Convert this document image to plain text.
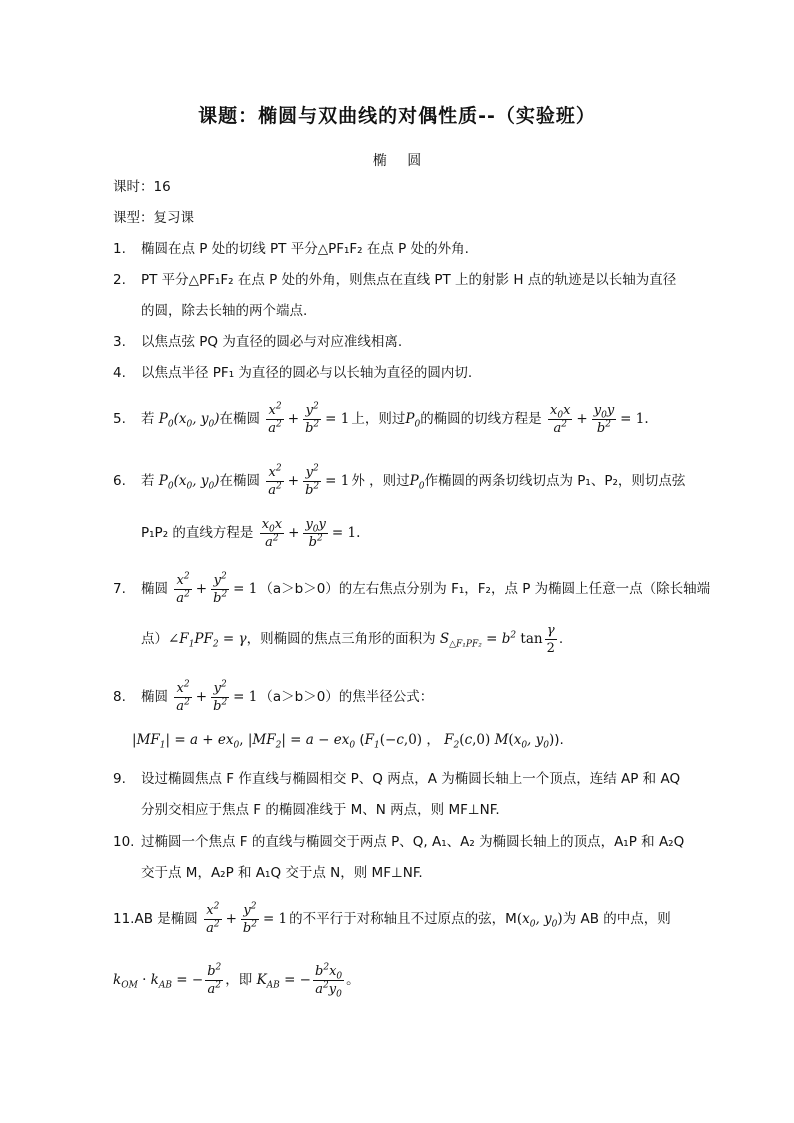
课题：椭圆与双曲线的对偶性质--（实验班）
椭 圆
课时：16
课型：复习课
1. 椭圆在点 P 处的切线 PT 平分△PF₁F₂ 在点 P 处的外角.
2. PT 平分△PF₁F₂ 在点 P 处的外角，则焦点在直线 PT 上的射影 H 点的轨迹是以长轴为直径
的圆，除去长轴的两个端点.
3. 以焦点弦 PQ 为直径的圆必与对应准线相离.
4. 以焦点半径 PF₁ 为直径的圆必与以长轴为直径的圆内切.
5. 若 $P_0(x_0$, $y_0$)在椭圆 $\frac{x^2}{a^2} + \frac{y^2}{b^2} = 1$ 上，则过$P_0$的椭圆的切线方程是 $\frac{x_0x}{a^2} + \frac{y_0y}{b^2} = 1$.
6. 若 $P_0(x_0$, $y_0$)在椭圆 $\frac{x^2}{a^2} + \frac{y^2}{b^2} = 1$ 外 ，则过$P_0$作椭圆的两条切线切点为 P₁、P₂，则切点弦
P₁P₂ 的直线方程是 $\frac{x_0x}{a^2} + \frac{y_0y}{b^2} = 1$.
7. 椭圆 $\frac{x^2}{a^2} + \frac{y^2}{b^2} = 1$ （a＞b＞0）的左右焦点分别为 F₁，F₂，点 P 为椭圆上任意一点（除长轴端
点）$\angle F_1PF_2 = \gamma$，则椭圆的焦点三角形的面积为 $S_{\triangle F_1PF_2} = b^2$ $\tan \frac{\gamma}{2}$ .
8. 椭圆 $\frac{x^2}{a^2} + \frac{y^2}{b^2} = 1$ （a＞b＞0）的焦半径公式：
$|MF_1| = a + ex_0$, $|MF_2| = a - ex_0$ ($F_1(-c,0)$ ， $F_2(c,0)$ $M(x_0$, $y_0$)).
9. 设过椭圆焦点 F 作直线与椭圆相交 P、Q 两点，A 为椭圆长轴上一个顶点，连结 AP 和 AQ
分别交相应于焦点 F 的椭圆准线于 M、N 两点，则 MF⊥NF.
10. 过椭圆一个焦点 F 的直线与椭圆交于两点 P、Q, A₁、A₂ 为椭圆长轴上的顶点，A₁P 和 A₂Q
交于点 M，A₂P 和 A₁Q 交于点 N，则 MF⊥NF.
11.AB 是椭圆 $\frac{x^2}{a^2} + \frac{y^2}{b^2} = 1$ 的不平行于对称轴且不过原点的弦，$M(x_0$, $y_0$)为 AB 的中点，则
$k_{OM} \cdot k_{AB}$ = − $\frac{b^2}{a^2}$ ，即 $K_{AB}$ = − $\frac{b^2x_0}{a^2y_0}$ 。
